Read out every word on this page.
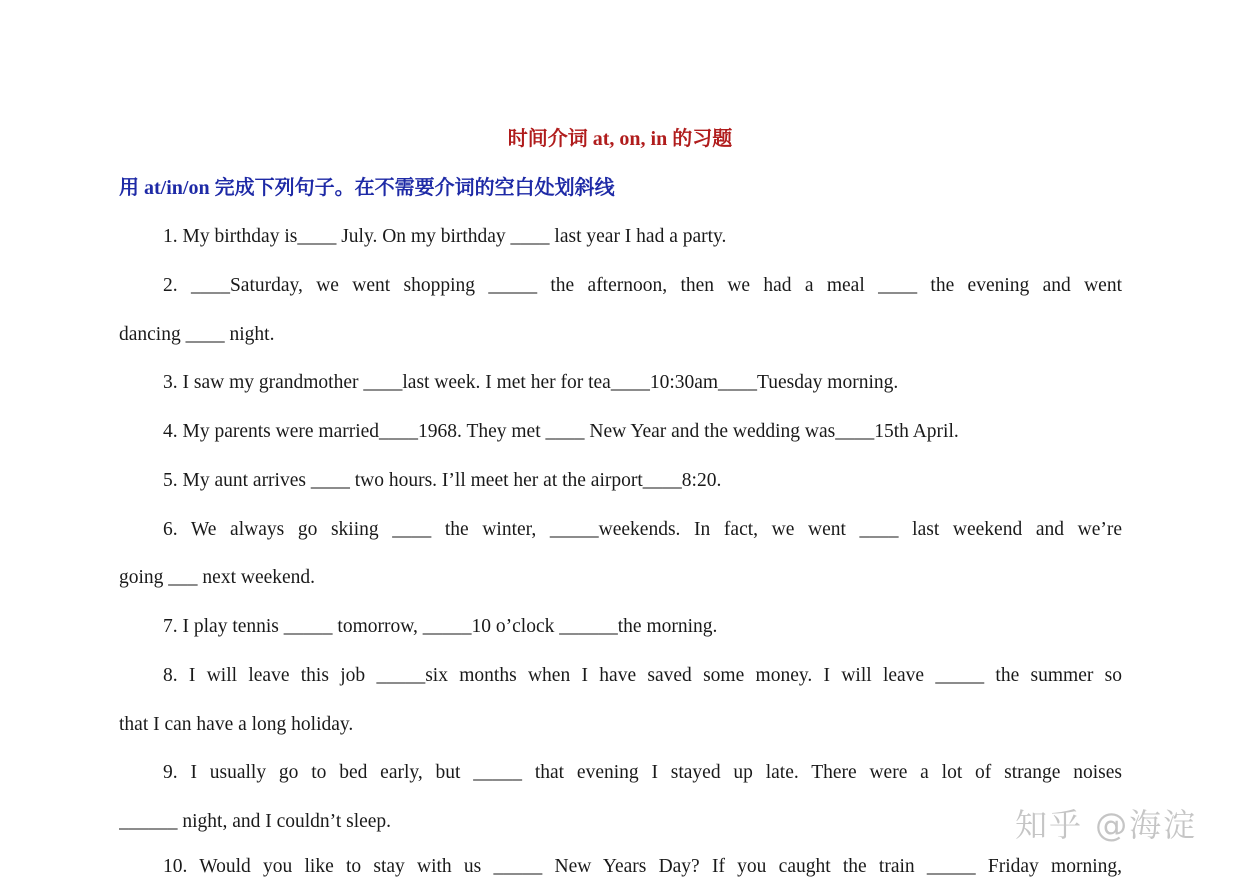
时间介词 at, on, in 的习题
用 at/in/on 完成下列句子。在不需要介词的空白处划斜线
1. My birthday is____ July. On my birthday ____ last year I had a party.
2. ____Saturday, we went shopping _____ the afternoon, then we had a meal ____ the evening and went
dancing ____ night.
3. I saw my grandmother ____last week. I met her for tea____10:30am____Tuesday morning.
4. My parents were married____1968. They met ____ New Year and the wedding was____15th April.
5. My aunt arrives ____ two hours. I’ll meet her at the airport____8:20.
6. We always go skiing ____ the winter, _____weekends. In fact, we went ____ last weekend and we’re
going ___ next weekend.
7. I play tennis _____ tomorrow, _____10 o’clock ______the morning.
8. I will leave this job _____six months when I have saved some money. I will leave _____ the summer so
that I can have a long holiday.
9. I usually go to bed early, but _____ that evening I stayed up late. There were a lot of strange noises
______ night, and I couldn’t sleep.
10. Would you like to stay with us _____ New Years Day? If you caught the train _____ Friday morning,
知乎 @海淀
